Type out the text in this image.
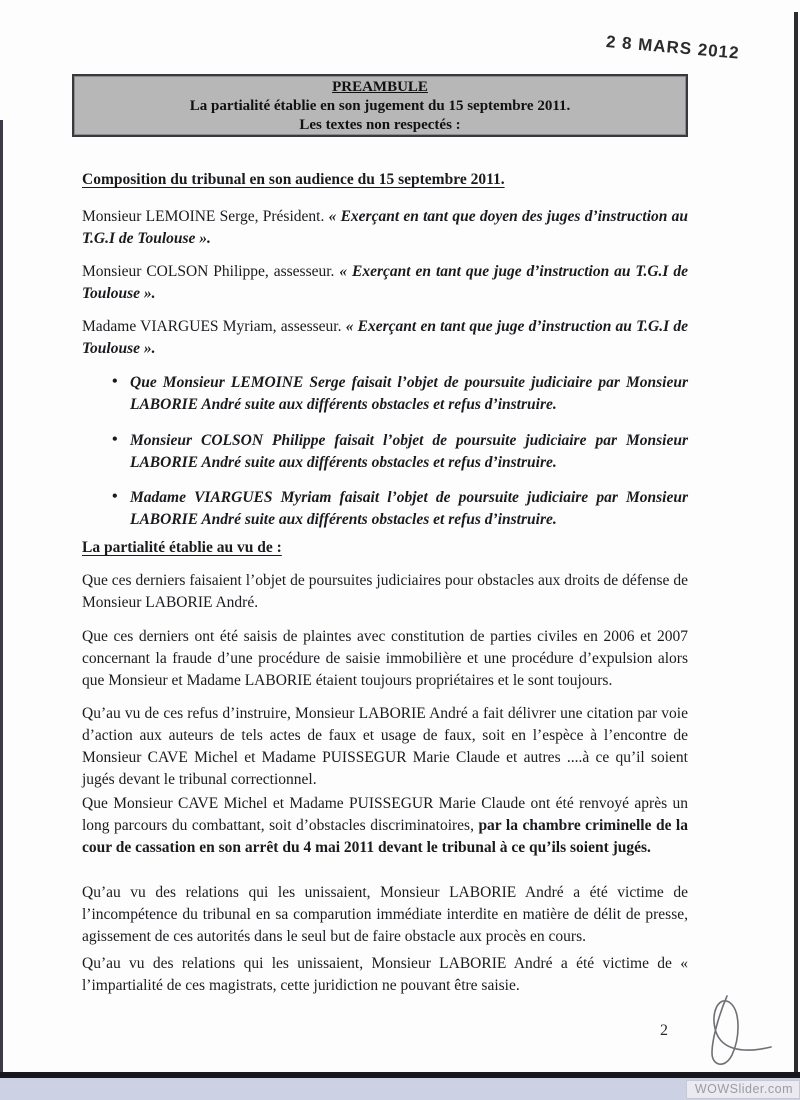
2 8 MARS 2012
PREAMBULE
La partialité établie en son jugement du 15 septembre 2011.
Les textes non respectés :
Composition du tribunal en son audience du 15 septembre 2011.

Monsieur LEMOINE Serge, Président. « Exerçant en tant que doyen des juges d’instruction au T.G.I de Toulouse ».

Monsieur COLSON Philippe, assesseur. « Exerçant en tant que juge d’instruction au T.G.I de Toulouse ».

Madame VIARGUES Myriam, assesseur. « Exerçant en tant que juge d’instruction au T.G.I de Toulouse ».

• Que Monsieur LEMOINE Serge faisait l’objet de poursuite judiciaire par Monsieur LABORIE André suite aux différents obstacles et refus d’instruire.
• Monsieur COLSON Philippe faisait l’objet de poursuite judiciaire par Monsieur LABORIE André suite aux différents obstacles et refus d’instruire.
• Madame VIARGUES Myriam faisait l’objet de poursuite judiciaire par Monsieur LABORIE André suite aux différents obstacles et refus d’instruire.
La partialité établie au vu de :

Que ces derniers faisaient l’objet de poursuites judiciaires pour obstacles aux droits de défense de Monsieur LABORIE André.

Que ces derniers ont été saisis de plaintes avec constitution de parties civiles en 2006 et 2007 concernant la fraude d’une procédure de saisie immobilière et une procédure d’expulsion alors que Monsieur et Madame LABORIE étaient toujours propriétaires et le sont toujours.

Qu’au vu de ces refus d’instruire, Monsieur LABORIE André a fait délivrer une citation par voie d’action aux auteurs de tels actes de faux et usage de faux, soit en l’espèce à l’encontre de Monsieur CAVE Michel et Madame PUISSEGUR Marie Claude et autres ....à ce qu’il soient jugés devant le tribunal correctionnel.

Que Monsieur CAVE Michel et Madame PUISSEGUR Marie Claude ont été renvoyé après un long parcours du combattant, soit d’obstacles discriminatoires, par la chambre criminelle de la cour de cassation en son arrêt du 4 mai 2011 devant le tribunal à ce qu’ils soient jugés.

Qu’au vu des relations qui les unissaient, Monsieur LABORIE André a été victime de l’incompétence du tribunal en sa comparution immédiate interdite en matière de délit de presse, agissement de ces autorités dans le seul but de faire obstacle aux procès en cours.

Qu’au vu des relations qui les unissaient, Monsieur LABORIE André a été victime de « l’impartialité de ces magistrats, cette juridiction ne pouvant être saisie.

2
WOWSlider.com
